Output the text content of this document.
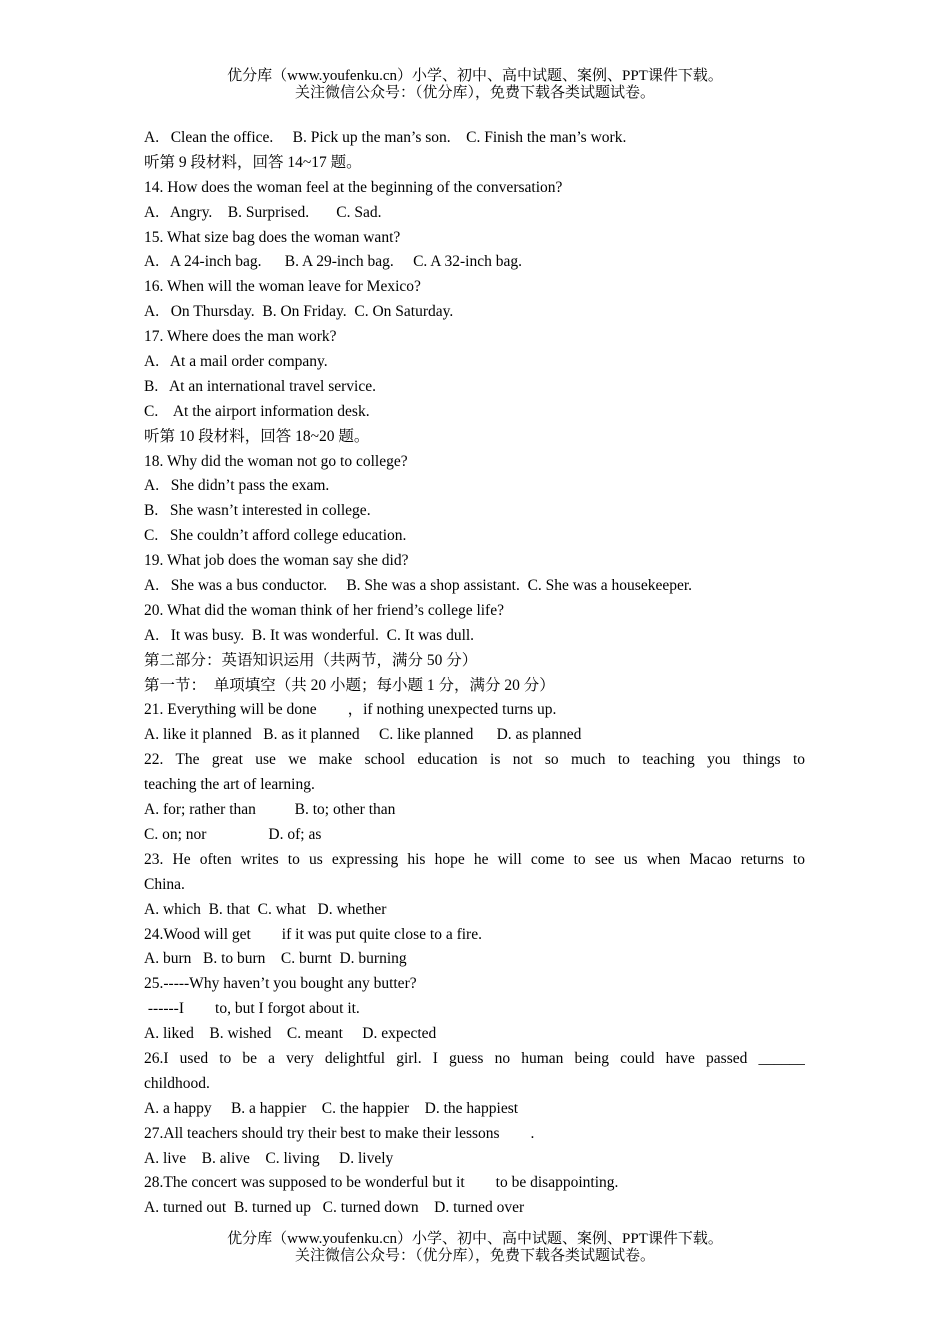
优分库（www.youfenku.cn）小学、初中、高中试题、案例、PPT课件下载。
关注微信公众号：（优分库），免费下载各类试题试卷。
A.   Clean the office.     B. Pick up the man’s son.    C. Finish the man’s work.
听第 9 段材料，回答 14~17 题。
14. How does the woman feel at the beginning of the conversation?
A.   Angry.    B. Surprised.       C. Sad.
15. What size bag does the woman want?
A.   A 24-inch bag.      B. A 29-inch bag.     C. A 32-inch bag.
16. When will the woman leave for Mexico?
A.   On Thursday.  B. On Friday.  C. On Saturday.
17. Where does the man work?
A.   At a mail order company.
B.   At an international travel service.
C.    At the airport information desk.
听第 10 段材料，回答 18~20 题。
18. Why did the woman not go to college?
A.   She didn’t pass the exam.
B.   She wasn’t interested in college.
C.   She couldn’t afford college education.
19. What job does the woman say she did?
A.   She was a bus conductor.     B. She was a shop assistant.  C. She was a housekeeper.
20. What did the woman think of her friend’s college life?
A.   It was busy.  B. It was wonderful.  C. It was dull.
第二部分：英语知识运用（共两节，满分 50 分）
第一节：  单项填空（共 20 小题；每小题 1 分，满分 20 分）
21. Everything will be done        ，if nothing unexpected turns up.
A. like it planned   B. as it planned     C. like planned      D. as planned
22. The great use we make school education is not so much to teaching you things to
teaching the art of learning.
A. for; rather than          B. to; other than
C. on; nor                D. of; as
23. He often writes to us expressing his hope he will come to see us when Macao returns to
China.
A. which  B. that  C. what   D. whether
24.Wood will get        if it was put quite close to a fire.
A. burn   B. to burn    C. burnt  D. burning
25.-----Why haven’t you bought any butter?
------I        to, but I forgot about it.
A. liked    B. wished    C. meant     D. expected
26.I used to be a very delightful girl. I guess no human being could have passed ______
childhood.
A. a happy     B. a happier    C. the happier    D. the happiest
27.All teachers should try their best to make their lessons        .
A. live    B. alive    C. living     D. lively
28.The concert was supposed to be wonderful but it        to be disappointing.
A. turned out  B. turned up   C. turned down    D. turned over
优分库（www.youfenku.cn）小学、初中、高中试题、案例、PPT课件下载。
关注微信公众号：（优分库），免费下载各类试题试卷。
